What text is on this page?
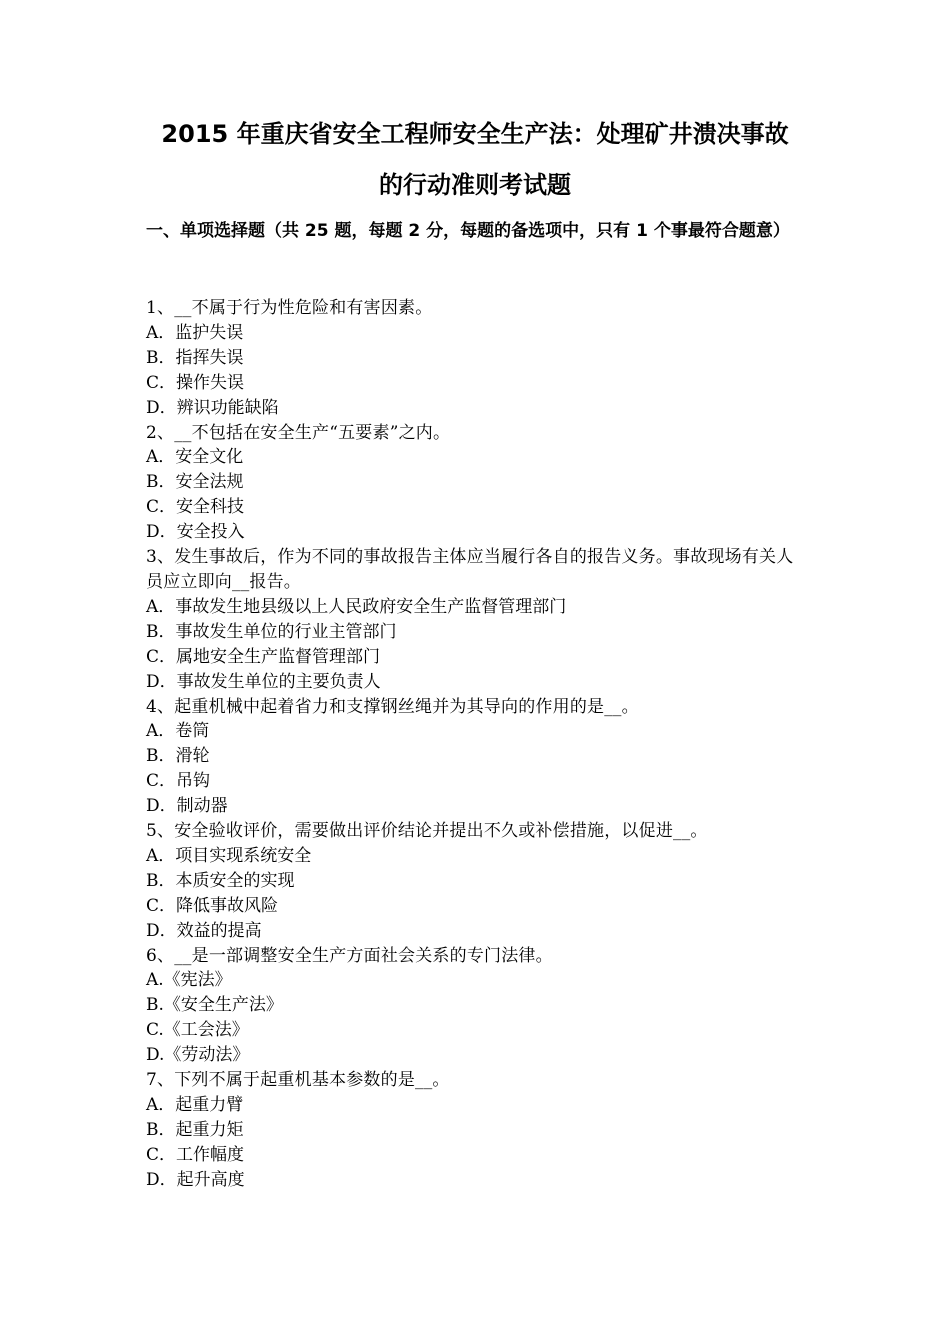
2015 年重庆省安全工程师安全生产法：处理矿井溃决事故
的行动准则考试题
一、单项选择题（共 25 题，每题 2 分，每题的备选项中，只有 1 个事最符合题意）
1、__不属于行为性危险和有害因素。
A．监护失误
B．指挥失误
C．操作失误
D．辨识功能缺陷
2、__不包括在安全生产“五要素”之内。
A．安全文化
B．安全法规
C．安全科技
D．安全投入
3、发生事故后，作为不同的事故报告主体应当履行各自的报告义务。事故现场有关人员应立即向__报告。
A．事故发生地县级以上人民政府安全生产监督管理部门
B．事故发生单位的行业主管部门
C．属地安全生产监督管理部门
D．事故发生单位的主要负责人
4、起重机械中起着省力和支撑钢丝绳并为其导向的作用的是__。
A．卷筒
B．滑轮
C．吊钩
D．制动器
5、安全验收评价，需要做出评价结论并提出不久或补偿措施，以促进__。
A．项目实现系统安全
B．本质安全的实现
C．降低事故风险
D．效益的提高
6、__是一部调整安全生产方面社会关系的专门法律。
A.《宪法》
B.《安全生产法》
C.《工会法》
D.《劳动法》
7、下列不属于起重机基本参数的是__。
A．起重力臂
B．起重力矩
C．工作幅度
D．起升高度
